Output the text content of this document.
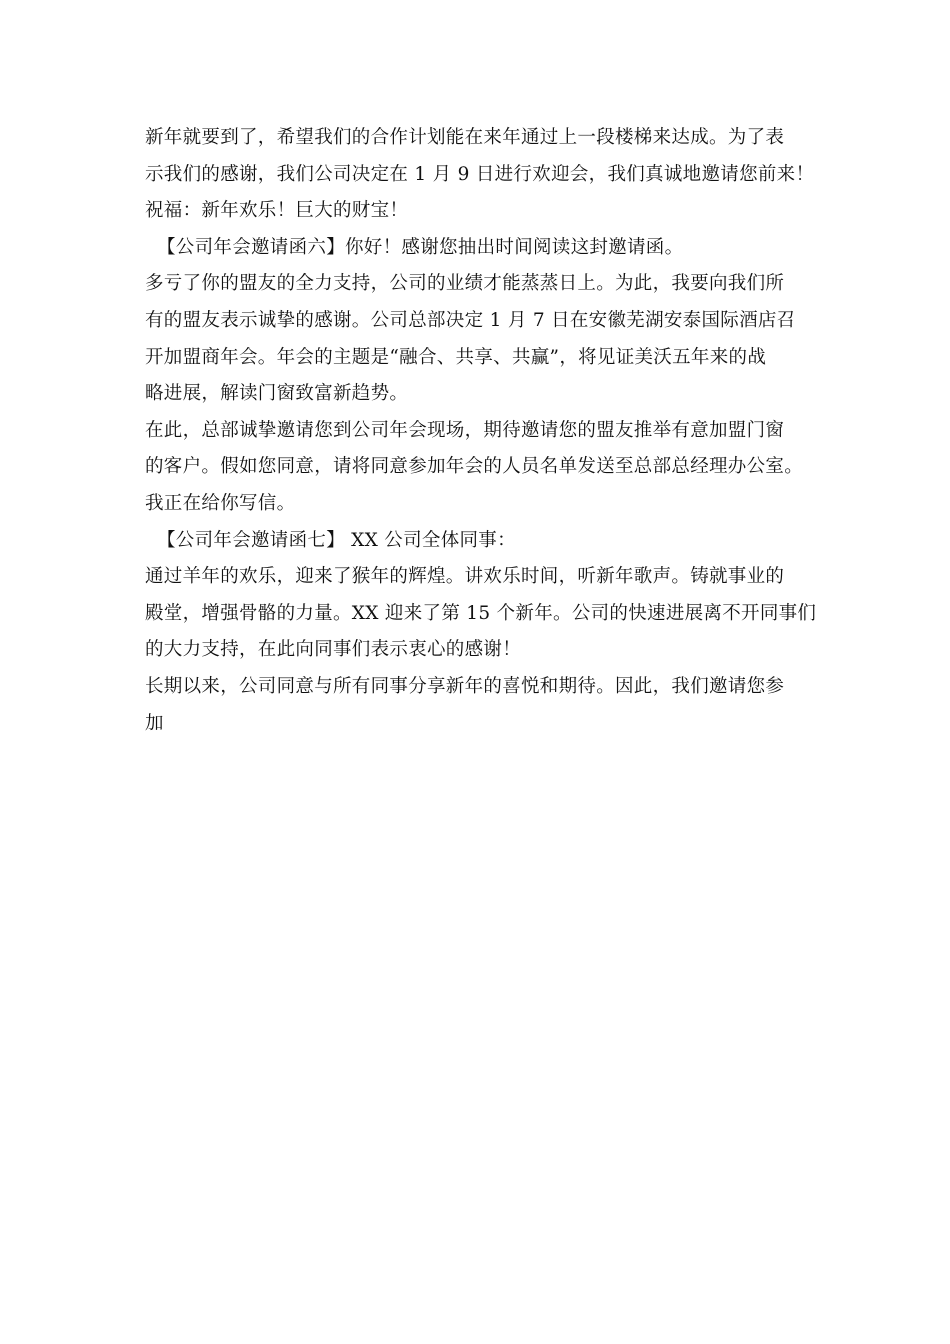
新年就要到了，希望我们的合作计划能在来年通过上一段楼梯来达成。为了表
示我们的感谢，我们公司决定在 1 月 9 日进行欢迎会，我们真诚地邀请您前来！
祝福：新年欢乐！巨大的财宝！
【公司年会邀请函六】你好！感谢您抽出时间阅读这封邀请函。
多亏了你的盟友的全力支持，公司的业绩才能蒸蒸日上。为此，我要向我们所
有的盟友表示诚挚的感谢。公司总部决定 1 月 7 日在安徽芜湖安泰国际酒店召
开加盟商年会。年会的主题是“融合、共享、共赢”，将见证美沃五年来的战
略进展，解读门窗致富新趋势。
在此，总部诚挚邀请您到公司年会现场，期待邀请您的盟友推举有意加盟门窗
的客户。假如您同意，请将同意参加年会的人员名单发送至总部总经理办公室。
我正在给你写信。
【公司年会邀请函七】 XX 公司全体同事：
通过羊年的欢乐，迎来了猴年的辉煌。讲欢乐时间，听新年歌声。铸就事业的
殿堂，增强骨骼的力量。XX 迎来了第 15 个新年。公司的快速进展离不开同事们
的大力支持，在此向同事们表示衷心的感谢！
长期以来，公司同意与所有同事分享新年的喜悦和期待。因此，我们邀请您参
加
